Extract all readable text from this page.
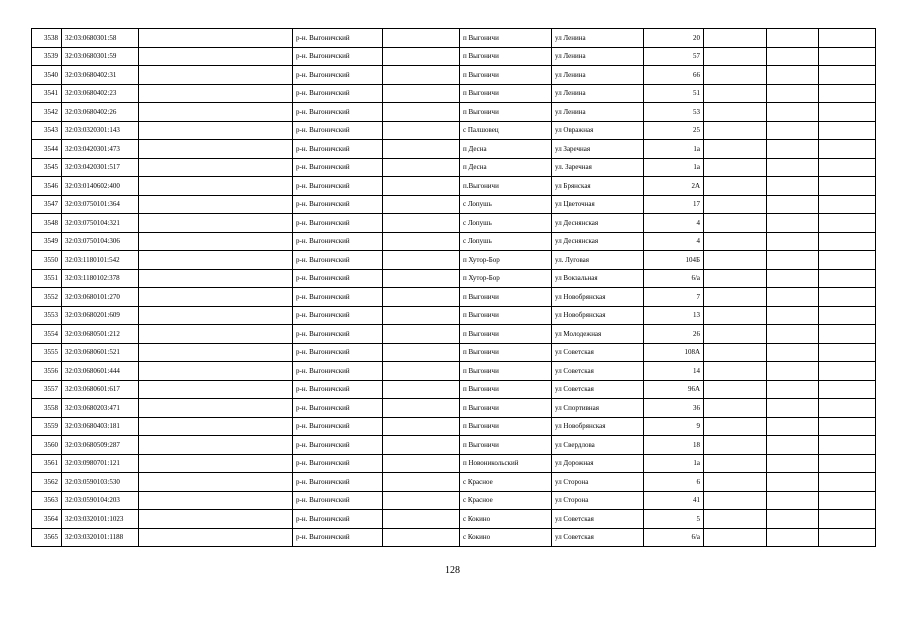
3538	32:03:0680301:58		р-н. Выгоничский		п Выгоничи	ул Ленина	20			
3539	32:03:0680301:59		р-н. Выгоничский		п Выгоничи	ул Ленина	57			
3540	32:03:0680402:31		р-н. Выгоничский		п Выгоничи	ул Ленина	66			
3541	32:03:0680402:23		р-н. Выгоничский		п Выгоничи	ул Ленина	51			
3542	32:03:0680402:26		р-н. Выгоничский		п Выгоничи	ул Ленина	53			
3543	32:03:0320301:143		р-н. Выгоничский		с Палшовец	ул Овражная	25			
3544	32:03:0420301:473		р-н. Выгоничский		п Десна	ул Заречная	1а			
3545	32:03:0420301:517		р-н. Выгоничский		п Десна	ул. Заречная	1а			
3546	32:03:0140602:400		р-н. Выгоничский		п.Выгоничи	ул Брянская	2А			
3547	32:03:0750101:364		р-н. Выгоничский		с Лопушь	ул Цветочная	17			
3548	32:03:0750104:321		р-н. Выгоничский		с Лопушь	ул Деснянская	4			
3549	32:03:0750104:306		р-н. Выгоничский		с Лопушь	ул Деснянская	4			
3550	32:03:1180101:542		р-н. Выгоничский		п Хутор-Бор	ул. Луговая	104Б			
3551	32:03:1180102:378		р-н. Выгоничский		п Хутор-Бор	ул Вокзальная	6/а			
3552	32:03:0680101:270		р-н. Выгоничский		п Выгоничи	ул Новобрянская	7			
3553	32:03:0680201:609		р-н. Выгоничский		п Выгоничи	ул Новобрянская	13			
3554	32:03:0680501:212		р-н. Выгоничский		п Выгоничи	ул Молодежная	26			
3555	32:03:0680601:521		р-н. Выгоничский		п Выгоничи	ул Советская	108А			
3556	32:03:0680601:444		р-н. Выгоничский		п Выгоничи	ул Советская	14			
3557	32:03:0680601:617		р-н. Выгоничский		п Выгоничи	ул Советская	96А			
3558	32:03:0680203:471		р-н. Выгоничский		п Выгоничи	ул Спортивная	36			
3559	32:03:0680403:181		р-н. Выгоничский		п Выгоничи	ул Новобрянская	9			
3560	32:03:0680509:287		р-н. Выгоничский		п Выгоничи	ул Свердлова	18			
3561	32:03:0980701:121		р-н. Выгоничский		п Новоникольский	ул Дорожная	1а			
3562	32:03:0590103:530		р-н. Выгоничский		с Красное	ул Сторона	6			
3563	32:03:0590104:203		р-н. Выгоничский		с Красное	ул Сторона	41			
3564	32:03:0320101:1023		р-н. Выгоничский		с Кокино	ул Советская	5			
3565	32:03:0320101:1188		р-н. Выгоничский		с Кокино	ул Советская	6/а			
128
